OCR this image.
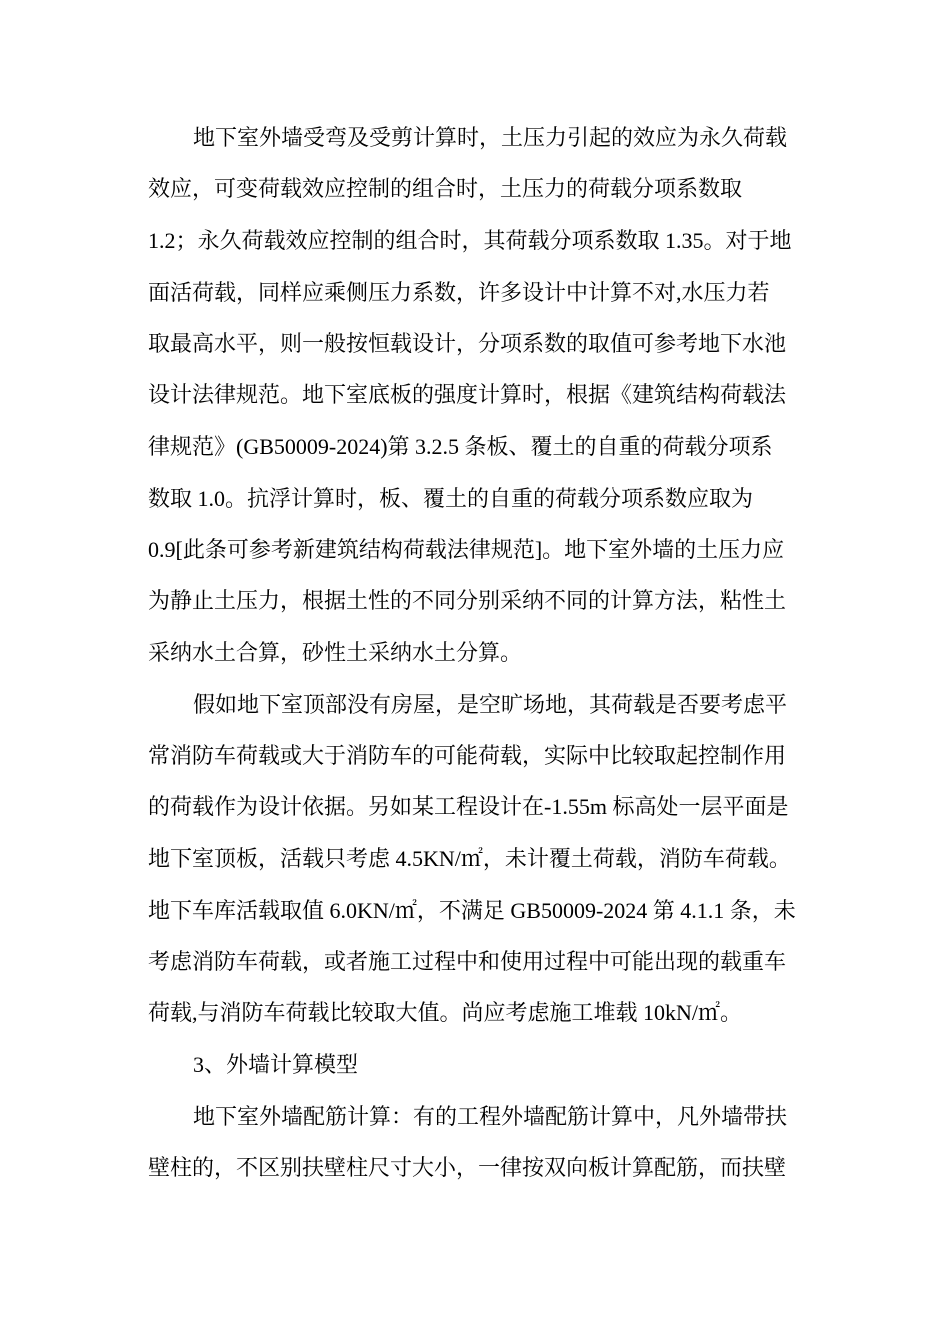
地下室外墙受弯及受剪计算时，土压力引起的效应为永久荷载
效应，可变荷载效应控制的组合时，土压力的荷载分项系数取
1.2；永久荷载效应控制的组合时，其荷载分项系数取 1.35。对于地
面活荷载，同样应乘侧压力系数，许多设计中计算不对,水压力若
取最高水平，则一般按恒载设计，分项系数的取值可参考地下水池
设计法律规范。地下室底板的强度计算时，根据《建筑结构荷载法
律规范》(GB50009-2024)第 3.2.5 条板、覆土的自重的荷载分项系
数取 1.0。抗浮计算时，板、覆土的自重的荷载分项系数应取为
0.9[此条可参考新建筑结构荷载法律规范]。地下室外墙的土压力应
为静止土压力，根据土性的不同分别采纳不同的计算方法，粘性土
采纳水土合算，砂性土采纳水土分算。
假如地下室顶部没有房屋，是空旷场地，其荷载是否要考虑平
常消防车荷载或大于消防车的可能荷载，实际中比较取起控制作用
的荷载作为设计依据。另如某工程设计在-1.55m 标高处一层平面是
地下室顶板，活载只考虑 4.5KN/㎡，未计覆土荷载，消防车荷载。
地下车库活载取值 6.0KN/㎡，不满足 GB50009-2024 第 4.1.1 条，未
考虑消防车荷载，或者施工过程中和使用过程中可能出现的载重车
荷载,与消防车荷载比较取大值。尚应考虑施工堆载 10kN/㎡。
3、外墙计算模型
地下室外墙配筋计算：有的工程外墙配筋计算中，凡外墙带扶
壁柱的，不区别扶壁柱尺寸大小，一律按双向板计算配筋，而扶壁
